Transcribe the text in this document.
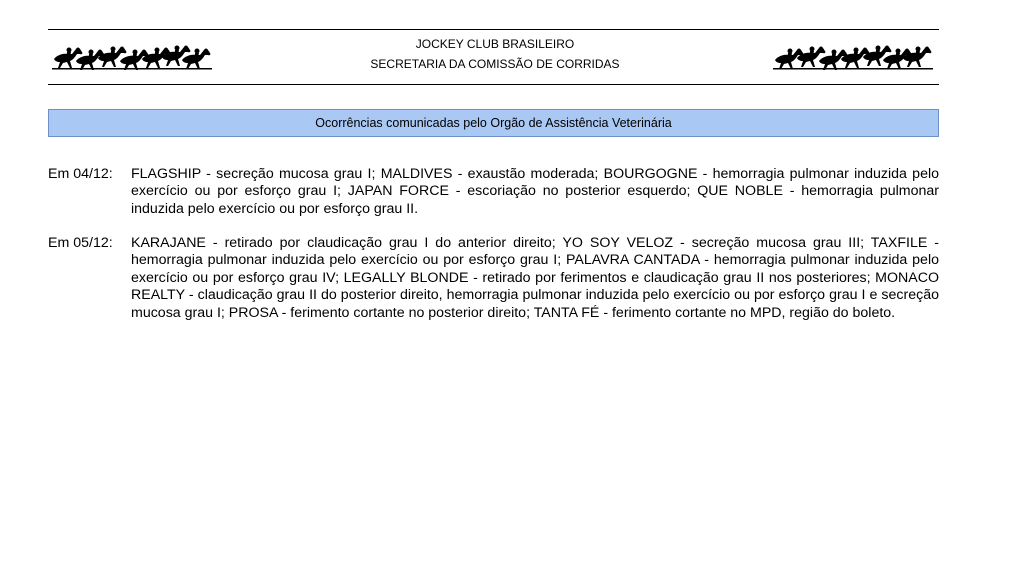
JOCKEY CLUB BRASILEIRO
SECRETARIA DA COMISSÃO DE CORRIDAS
Ocorrências comunicadas pelo Orgão de Assistência Veterinária
Em 04/12:	FLAGSHIP - secreção mucosa grau I; MALDIVES - exaustão moderada; BOURGOGNE - hemorragia pulmonar induzida pelo exercício ou por esforço grau I; JAPAN FORCE - escoriação no posterior esquerdo; QUE NOBLE - hemorragia pulmonar induzida pelo exercício ou por esforço grau II.
Em 05/12:	KARAJANE - retirado por claudicação grau I do anterior direito; YO SOY VELOZ - secreção mucosa grau III; TAXFILE - hemorragia pulmonar induzida pelo exercício ou por esforço grau I; PALAVRA CANTADA - hemorragia pulmonar induzida pelo exercício ou por esforço grau IV; LEGALLY BLONDE - retirado por ferimentos e claudicação grau II nos posteriores; MONACO REALTY - claudicação grau II do posterior direito, hemorragia pulmonar induzida pelo exercício ou por esforço grau I e secreção mucosa grau I; PROSA - ferimento cortante no posterior direito; TANTA FÉ - ferimento cortante no MPD, região do boleto.
